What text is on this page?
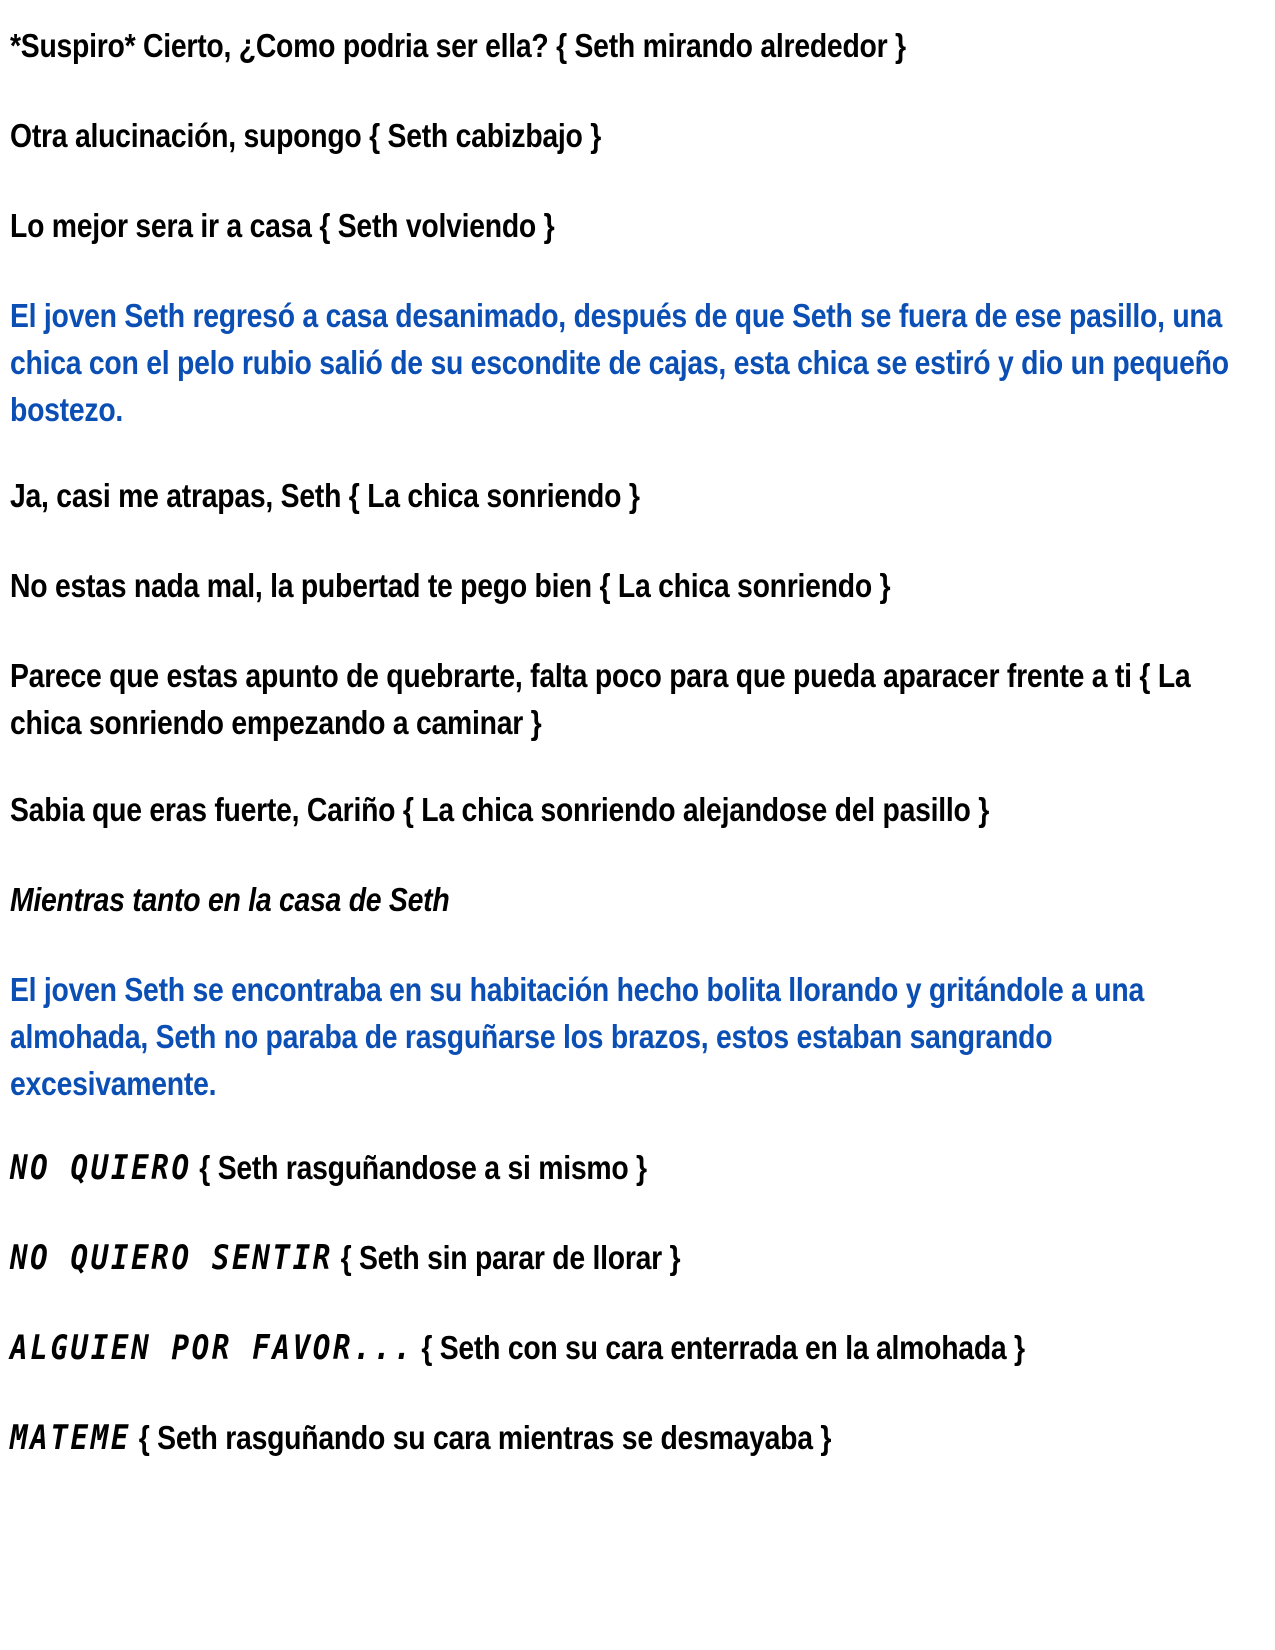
*Suspiro* Cierto, ¿Como podria ser ella? { Seth mirando alrededor }
Otra alucinación, supongo { Seth cabizbajo }
Lo mejor sera ir a casa { Seth volviendo }
El joven Seth regresó a casa desanimado, después de que Seth se fuera de ese pasillo, una chica con el pelo rubio salió de su escondite de cajas, esta chica se estiró y dio un pequeño bostezo.
Ja, casi me atrapas, Seth { La chica sonriendo }
No estas nada mal, la pubertad te pego bien { La chica sonriendo }
Parece que estas apunto de quebrarte, falta poco para que pueda aparacer frente a ti { La chica sonriendo empezando a caminar }
Sabia que eras fuerte, Cariño { La chica sonriendo alejandose del pasillo }
Mientras tanto en la casa de Seth
El joven Seth se encontraba en su habitación hecho bolita llorando y gritándole a una almohada, Seth no paraba de rasguñarse los brazos, estos estaban sangrando excesivamente.
NO QUIERO { Seth rasguñandose a si mismo }
NO QUIERO SENTIR { Seth sin parar de llorar }
ALGUIEN POR FAVOR... { Seth con su cara enterrada en la almohada }
MATEME { Seth rasguñando su cara mientras se desmayaba }
